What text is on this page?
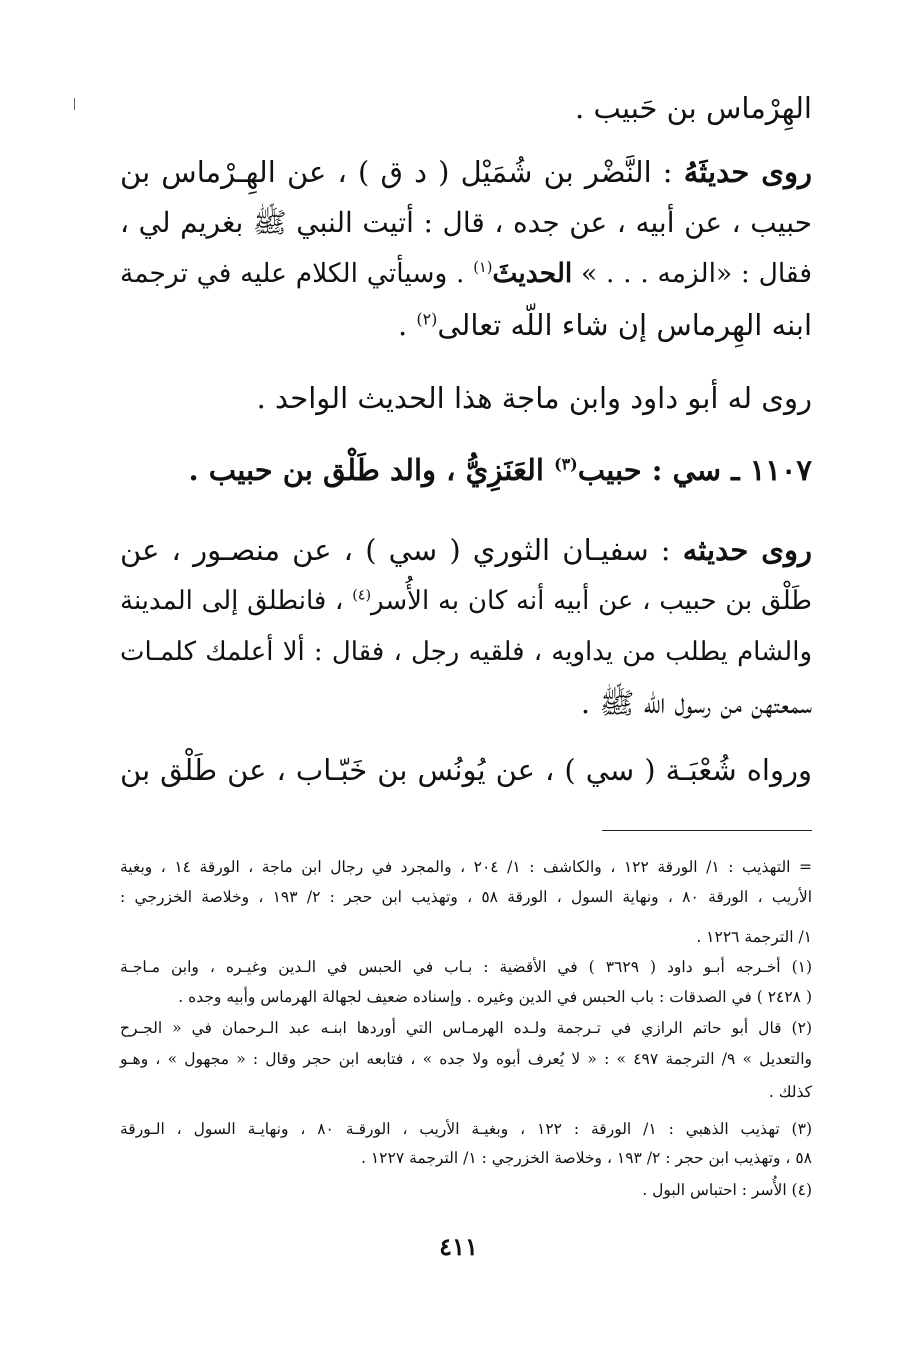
الهِرْماس بن حَبيب .
روى حديثَهُ : النَّضْر بن شُمَيْل ( د ق ) ، عن الهِـرْماس بن
حبيب ، عن أبيه ، عن جده ، قال : أتيت النبي ﷺ بغريم لي ،
فقال : «الزمه . . . » الحديثَ$^{(١)}$ . وسيأتي الكلام عليه في ترجمة
ابنه الهِرماس إن شاء اللّه تعالى$^{(٢)}$ .
روى له أبو داود وابن ماجة هذا الحديث الواحد .
١١٠٧ ـ سي : حبيب$^{(٣)}$ العَنَزِيُّ ، والد طَلْق بن حبيب .
روى حديثه : سفيـان الثوري ( سي ) ، عن منصـور ، عن
طَلْق بن حبيب ، عن أبيه أنه كان به الأُسر$^{(٤)}$ ، فانطلق إلى المدينة
والشام يطلب من يداويه ، فلقيه رجل ، فقال : ألا أعلمك كلمـات
سمعتهن من رسول اللّه ﷺ .
ورواه شُعْبَـة ( سي ) ، عن يُونُس بن خَبّـاب ، عن طَلْق بن
= التهذيب : ١/ الورقة ١٢٢ ، والكاشف : ١/ ٢٠٤ ، والمجرد في رجال ابن ماجة ، الورقة ١٤ ، وبغية
الأريب ، الورقة ٨٠ ، ونهاية السول ، الورقة ٥٨ ، وتهذيب ابن حجر : ٢/ ١٩٣ ، وخلاصة الخزرجي :
١/ الترجمة ١٢٢٦ .
(١) أخـرجه أبـو داود ( ٣٦٢٩ ) في الأقضية : بـاب في الحبس في الـدين وغيـره ، وابن مـاجـة
( ٢٤٢٨ ) في الصدقات : باب الحبس في الدين وغيره . وإسناده ضعيف لجهالة الهرماس وأبيه وجده .
(٢) قال أبو حاتم الرازي في تـرجمة ولـده الهرمـاس التي أوردها ابنـه عبد الـرحمان في « الجـرح
والتعديل » ٩/ الترجمة ٤٩٧ » : « لا يُعرف أبوه ولا جده » ، فتابعه ابن حجر وقال : « مجهول » ، وهـو
كذلك .
(٣) تهذيب الذهبي : ١/ الورقة : ١٢٢ ، وبغيـة الأريب ، الورقـة ٨٠ ، ونهايـة السول ، الـورقة
٥٨ ، وتهذيب ابن حجر : ٢/ ١٩٣ ، وخلاصة الخزرجي : ١/ الترجمة ١٢٢٧ .
(٤) الأُسر : احتباس البول .
٤١١
